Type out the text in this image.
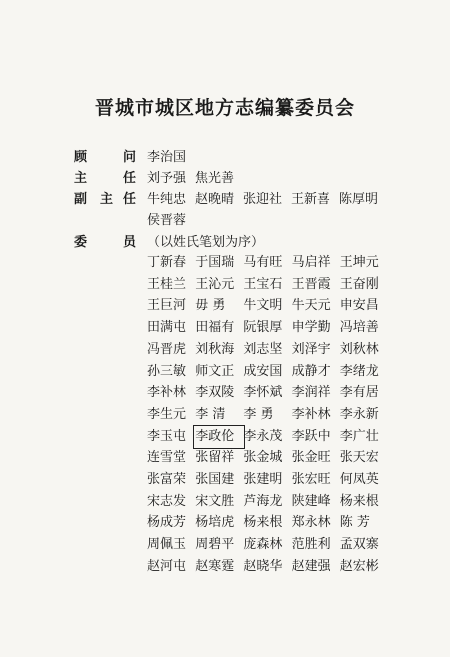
晋城市城区地方志编纂委员会
顾	问 李治国
主	任 刘予强 焦光善
副 主 任 牛纯忠 赵晚晴 张迎社 王新喜 陈厚明
侯晋蓉
委	员 （以姓氏笔划为序）
丁新春 于国瑞 马有旺 马启祥 王坤元
王桂兰 王沁元 王宝石 王晋霞 王奋刚
王巨河 毋 勇	牛文明 牛天元 申安昌
田满屯 田福有 阮银厚 申学勤 冯培善
冯晋虎 刘秋海 刘志坚 刘泽宇 刘秋林
孙三敏 师文正 成安国 成静才 李绪龙
李补林 李双陵 李怀斌 李润祥 李有居
李生元 李 清	李 勇	李补林 李永新
李玉屯 李政伦 李永茂 李跃中 李广壮
连雪堂 张留祥 张金城 张金旺 张天宏
张富荣 张国建 张建明 张宏旺 何凤英
宋志发 宋文胜 芦海龙 陕建峰 杨来根
杨成芳 杨培虎 杨来根 郑永林 陈 芳
周佩玉 周碧平 庞森林 范胜利 孟双寨
赵河屯 赵寒霆 赵晓华 赵建强 赵宏彬
